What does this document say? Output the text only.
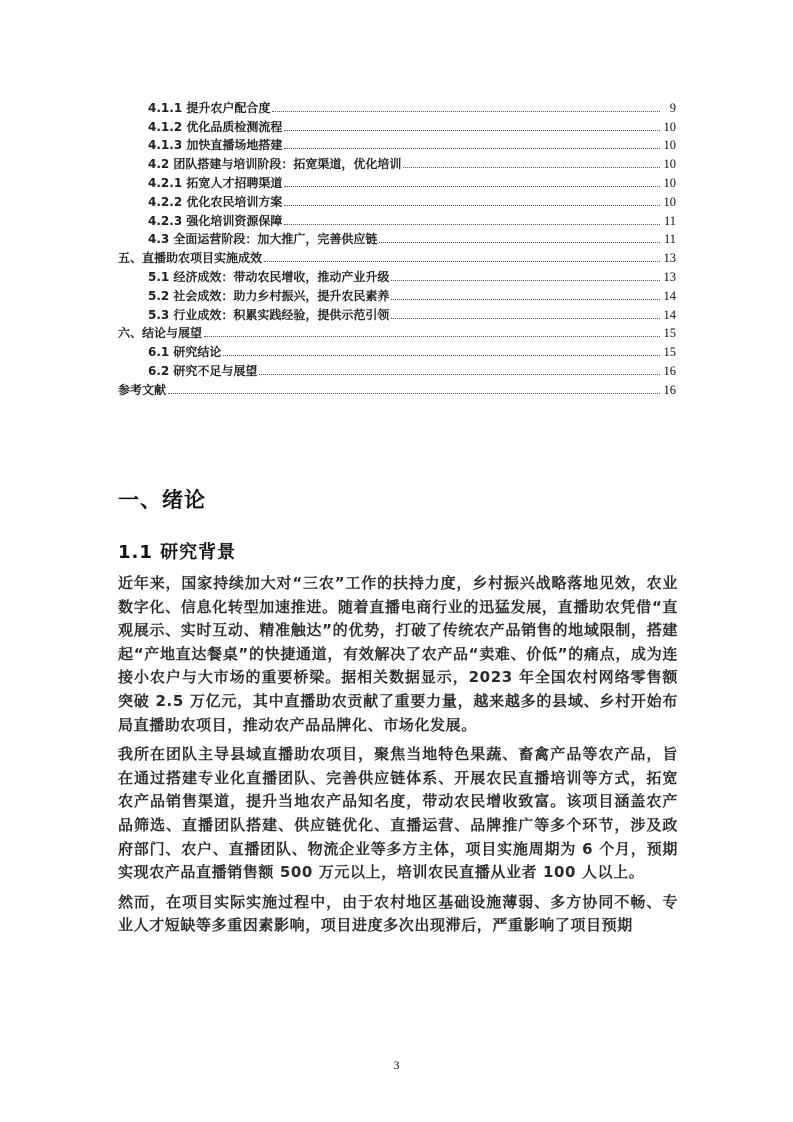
4.1.1 提升农户配合度	9
4.1.2 优化品质检测流程	10
4.1.3 加快直播场地搭建	10
4.2 团队搭建与培训阶段：拓宽渠道，优化培训	10
4.2.1 拓宽人才招聘渠道	10
4.2.2 优化农民培训方案	10
4.2.3 强化培训资源保障	11
4.3 全面运营阶段：加大推广，完善供应链	11
五、直播助农项目实施成效	13
5.1 经济成效：带动农民增收，推动产业升级	13
5.2 社会成效：助力乡村振兴，提升农民素养	14
5.3 行业成效：积累实践经验，提供示范引领	14
六、结论与展望	15
6.1 研究结论	15
6.2 研究不足与展望	16
参考文献	16
一、绪论
1.1 研究背景

近年来，国家持续加大对“三农”工作的扶持力度，乡村振兴战略落地见效，农业数字化、信息化转型加速推进。随着直播电商行业的迅猛发展，直播助农凭借“直观展示、实时互动、精准触达”的优势，打破了传统农产品销售的地域限制，搭建起“产地直达餐桌”的快捷通道，有效解决了农产品“卖难、价低”的痛点，成为连接小农户与大市场的重要桥梁。据相关数据显示，2023 年全国农村网络零售额突破 2.5 万亿元，其中直播助农贡献了重要力量，越来越多的县域、乡村开始布局直播助农项目，推动农产品品牌化、市场化发展。

我所在团队主导县域直播助农项目，聚焦当地特色果蔬、畜禽产品等农产品，旨在通过搭建专业化直播团队、完善供应链体系、开展农民直播培训等方式，拓宽农产品销售渠道，提升当地农产品知名度，带动农民增收致富。该项目涵盖农产品筛选、直播团队搭建、供应链优化、直播运营、品牌推广等多个环节，涉及政府部门、农户、直播团队、物流企业等多方主体，项目实施周期为 6 个月，预期实现农产品直播销售额 500 万元以上，培训农民直播从业者 100 人以上。

然而，在项目实际实施过程中，由于农村地区基础设施薄弱、多方协同不畅、专业人才短缺等多重因素影响，项目进度多次出现滞后，严重影响了项目预期

3
